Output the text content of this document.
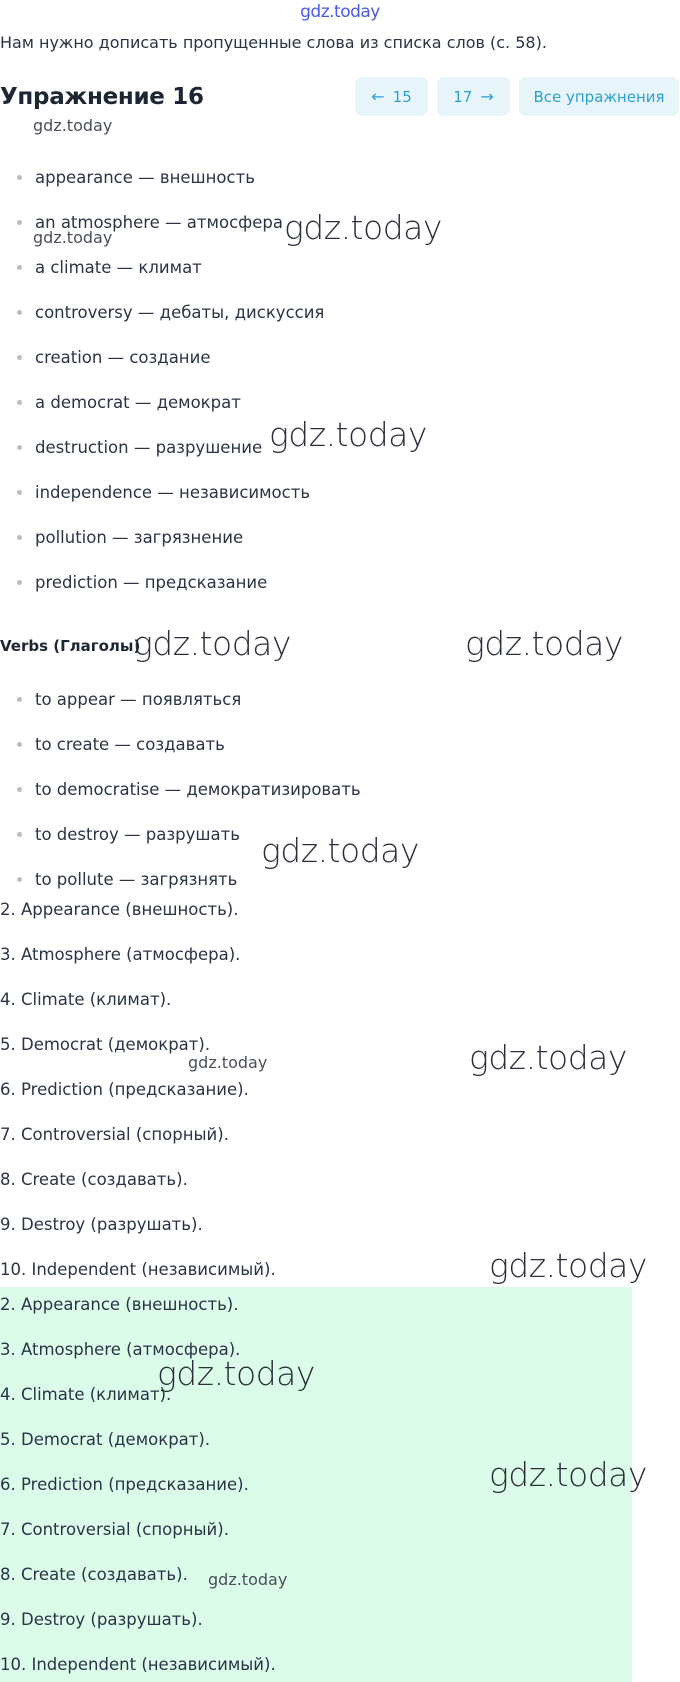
gdz.today
Нам нужно дописать пропущенные слова из списка слов (с. 58).
Упражнение 16	← 15	17 →	Все упражнения
appearance — внешность
an atmosphere — атмосфера
a climate — климат
controversy — дебаты, дискуссия
creation — создание
a democrat — демократ
destruction — разрушение
independence — независимость
pollution — загрязнение
prediction — предсказание
Verbs (Глаголы)
to appear — появляться
to create — создавать
to democratise — демократизировать
to destroy — разрушать
to pollute — загрязнять
2. Appearance (внешность).
3. Atmosphere (атмосфера).
4. Climate (климат).
5. Democrat (демократ).
6. Prediction (предсказание).
7. Controversial (спорный).
8. Create (создавать).
9. Destroy (разрушать).
10. Independent (независимый).
2. Appearance (внешность).
3. Atmosphere (атмосфера).
4. Climate (климат).
5. Democrat (демократ).
6. Prediction (предсказание).
7. Controversial (спорный).
8. Create (создавать).
9. Destroy (разрушать).
10. Independent (независимый).
gdz.today
gdz.today	gdz.today
gdz.today
gdz.today	gdz.today
gdz.today
gdz.today	gdz.today
gdz.today
gdz.today
gdz.today
gdz.today
